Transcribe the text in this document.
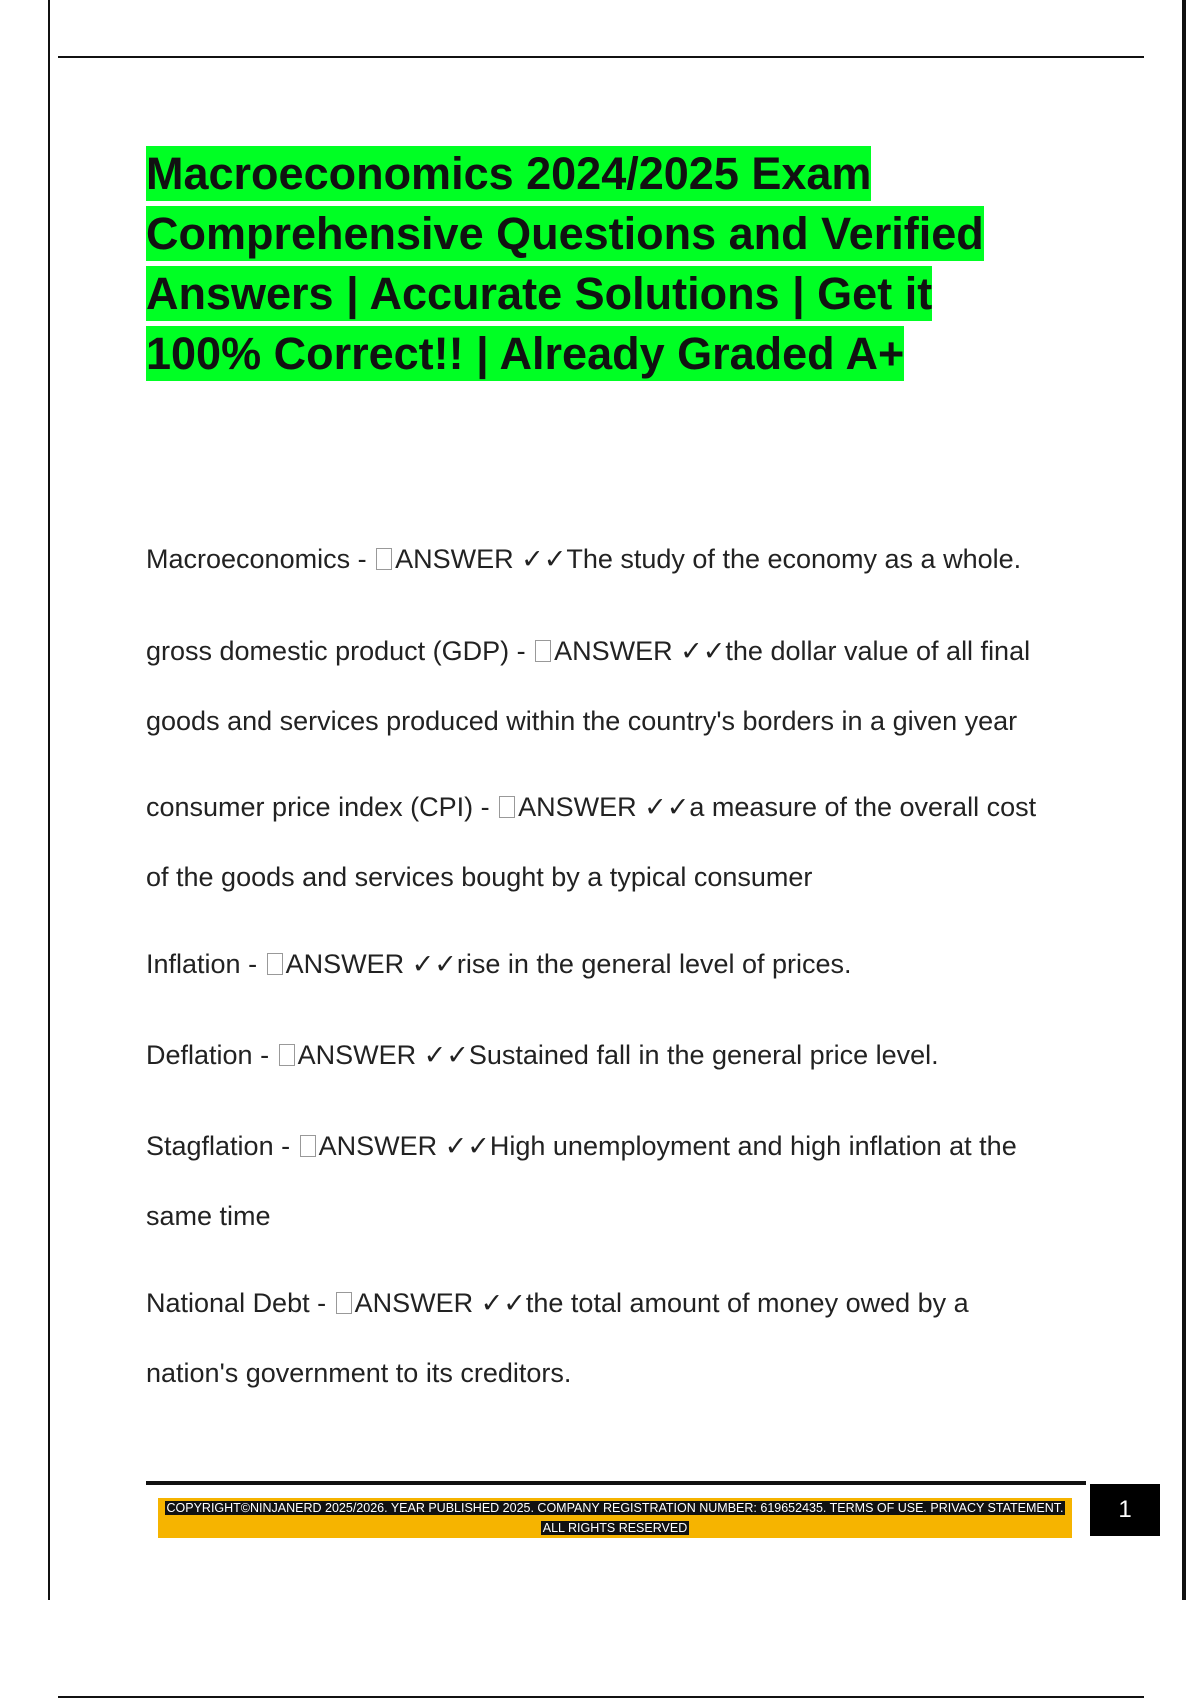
Macroeconomics 2024/2025 Exam
Comprehensive Questions and Verified
Answers | Accurate Solutions | Get it
100% Correct!! | Already Graded A+
Macroeconomics - ANSWER ✓✓The study of the economy as a whole.
gross domestic product (GDP) - ANSWER ✓✓the dollar value of all final
goods and services produced within the country's borders in a given year
consumer price index (CPI) - ANSWER ✓✓a measure of the overall cost
of the goods and services bought by a typical consumer
Inflation - ANSWER ✓✓rise in the general level of prices.
Deflation - ANSWER ✓✓Sustained fall in the general price level.
Stagflation - ANSWER ✓✓High unemployment and high inflation at the
same time
National Debt - ANSWER ✓✓the total amount of money owed by a
nation's government to its creditors.
COPYRIGHT©NINJANERD 2025/2026. YEAR PUBLISHED 2025. COMPANY REGISTRATION NUMBER: 619652435. TERMS OF USE. PRIVACY STATEMENT. ALL RIGHTS RESERVED
1
